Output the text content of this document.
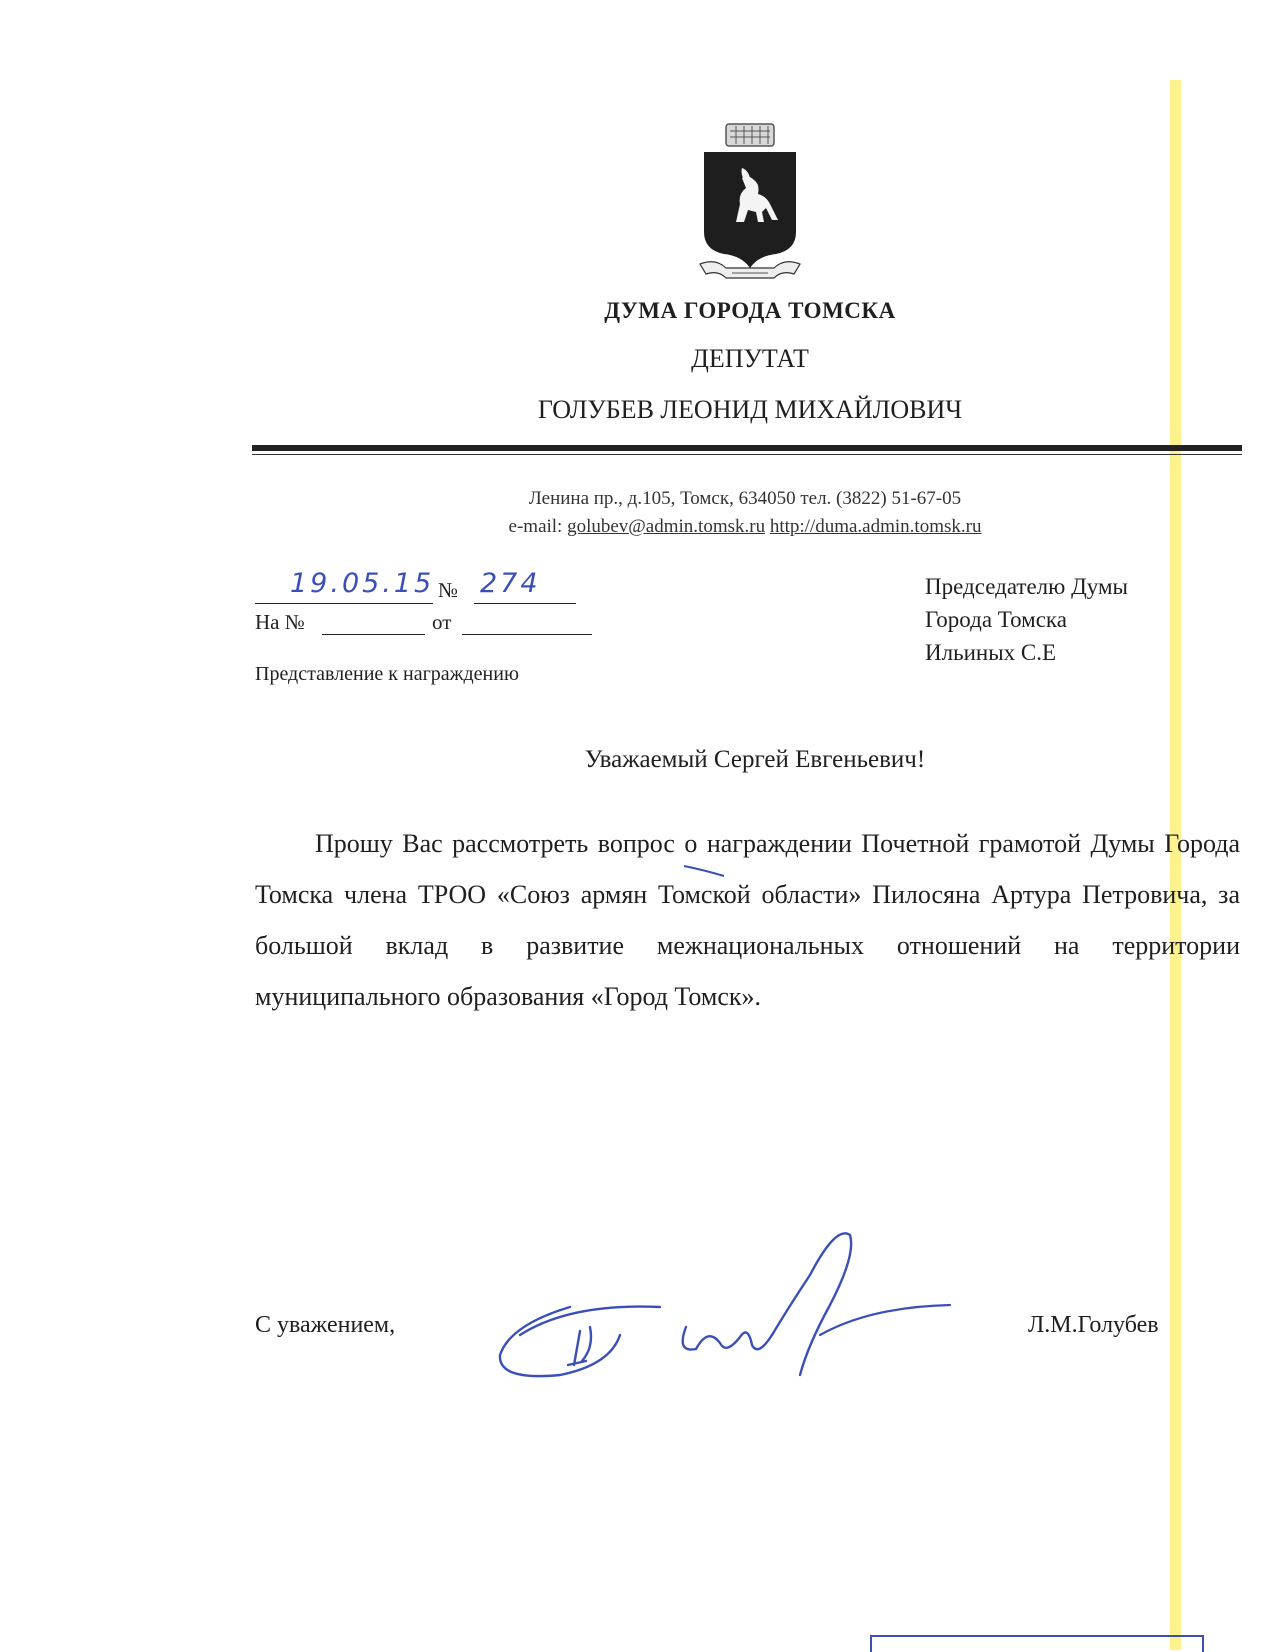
ДУМА ГОРОДА ТОМСКА
ДЕПУТАТ
ГОЛУБЕВ ЛЕОНИД МИХАЙЛОВИЧ
Ленина пр., д.105, Томск, 634050 тел. (3822) 51-67-05
e-mail: golubev@admin.tomsk.ru http://duma.admin.tomsk.ru
19.05.15 № 274
На №	от
Председателю Думы
Города Томска
Ильиных С.Е
Представление к награждению
Уважаемый Сергей Евгеньевич!
Прошу Вас рассмотреть вопрос о награждении Почетной грамотой Думы Города Томска члена ТРОО «Союз армян Томской области» Пилосяна Артура Петровича, за большой вклад в развитие межнациональных отношений на территории муниципального образования «Город Томск».
С уважением,	Л.М.Голубев
